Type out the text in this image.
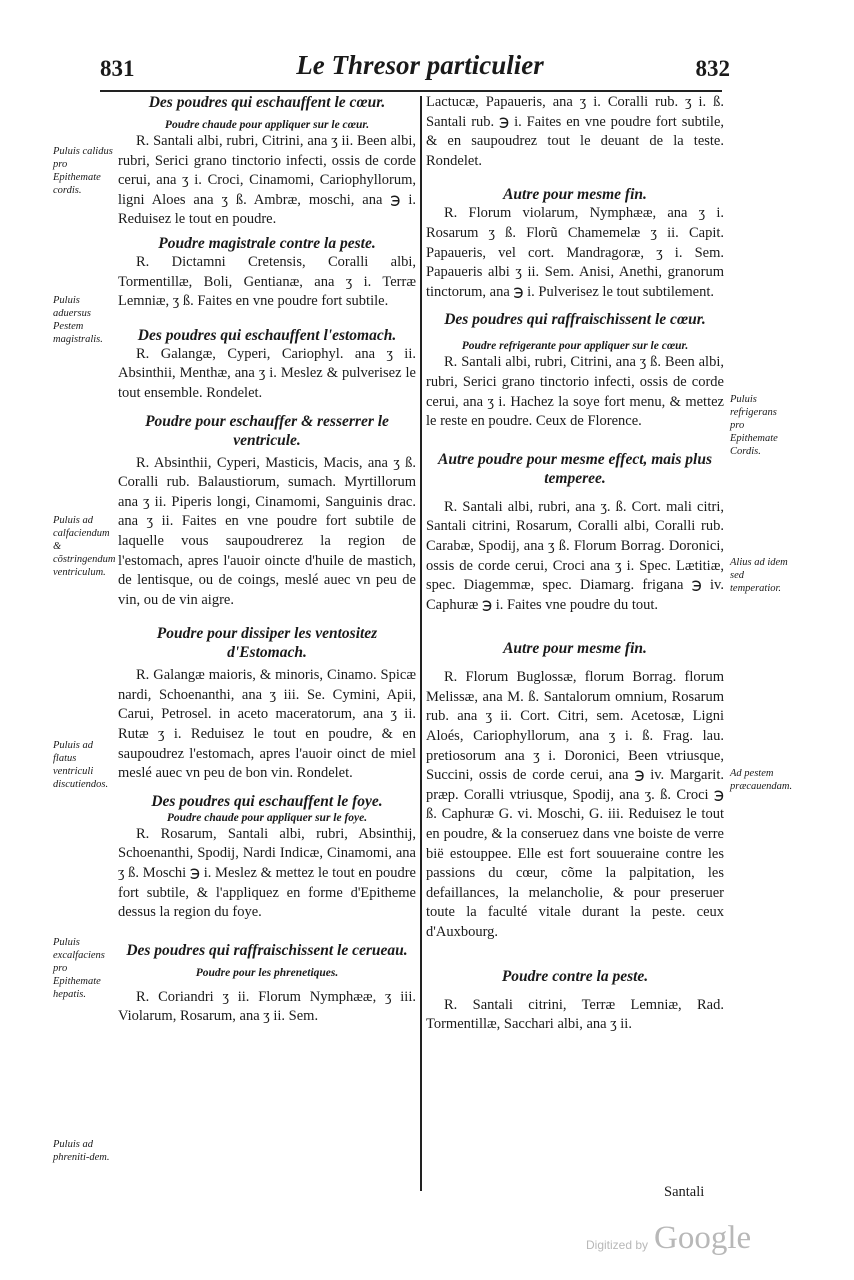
831	Le Thresor particulier	832

Des poudres qui eschauffent le cœur.

Poudre chaude pour appliquer sur le cœur.

R. Santali albi, rubri, Citrini, ana ʒ ii. Been albi, rubri, Serici grano tinctorio infecti, ossis de corde cerui, ana ʒ i. Croci, Cinamomi, Cariophyllorum, ligni Aloes ana ʒ ß. Ambræ, moschi, ana ℈ i. Reduisez le tout en poudre.

Poudre magistrale contre la peste.

R. Dictamni Cretensis, Coralli albi, Tormentillæ, Boli, Gentianæ, ana ʒ i. Terræ Lemniæ, ʒ ß. Faites en vne poudre fort subtile.

Des poudres qui eschauffent l'estomach.

R. Galangæ, Cyperi, Cariophyl. ana ʒ ii. Absinthii, Menthæ, ana ʒ i. Meslez & pulverisez le tout ensemble. Rondelet.

Poudre pour eschauffer & resserrer le ventricule.

R. Absinthii, Cyperi, Masticis, Macis, ana ʒ ß. Coralli rub. Balaustiorum, sumach. Myrtillorum ana ʒ ii. Piperis longi, Cinamomi, Sanguinis drac. ana ʒ ii. Faites en vne poudre fort subtile de laquelle vous saupoudrerez la region de l'estomach, apres l'auoir oincte d'huile de mastich, de lentisque, ou de coings, meslé auec vn peu de vin, ou de vin aigre.

Poudre pour dissiper les ventositez d'Estomach.

R. Galangæ maioris, & minoris, Cinamo. Spicæ nardi, Schoenanthi, ana ʒ iii. Se. Cymini, Apii, Carui, Petrosel. in aceto maceratorum, ana ʒ ii. Rutæ ʒ i. Reduisez le tout en poudre, & en saupoudrez l'estomach, apres l'auoir oinct de miel meslé auec vn peu de bon vin. Rondelet.

Des poudres qui eschauffent le foye.

Poudre chaude pour appliquer sur le foye.

R. Rosarum, Santali albi, rubri, Absinthij, Schoenanthi, Spodij, Nardi Indicæ, Cinamomi, ana ʒ ß. Moschi ℈ i. Meslez & mettez le tout en poudre fort subtile, & l'appliquez en forme d'Epitheme dessus la region du foye.

Des poudres qui raffraischissent le cerueau.

Poudre pour les phrenetiques.

R. Coriandri ʒ ii. Florum Nymphææ, ʒ iii. Violarum, Rosarum, ana ʒ ii. Sem.

Lactucæ, Papaueris, ana ʒ i. Coralli rub. ʒ i. ß. Santali rub. ℈ i. Faites en vne poudre fort subtile, & en saupoudrez tout le deuant de la teste. Rondelet.

Autre pour mesme fin.

R. Florum violarum, Nymphææ, ana ʒ i. Rosarum ʒ ß. Florũ Chamemelæ ʒ ii. Capit. Papaueris, vel cort. Mandragoræ, ʒ i. Sem. Papaueris albi ʒ ii. Sem. Anisi, Anethi, granorum tinctorum, ana ℈ i. Pulverisez le tout subtilement.

Des poudres qui raffraischissent le cœur.

Poudre refrigerante pour appliquer sur le cœur.

R. Santali albi, rubri, Citrini, ana ʒ ß. Been albi, rubri, Serici grano tinctorio infecti, ossis de corde cerui, ana ʒ i. Hachez la soye fort menu, & mettez le reste en poudre. Ceux de Florence.

Autre poudre pour mesme effect, mais plus temperee.

R. Santali albi, rubri, ana ʒ. ß. Cort. mali citri, Santali citrini, Rosarum, Coralli albi, Coralli rub. Carabæ, Spodij, ana ʒ ß. Florum Borrag. Doronici, ossis de corde cerui, Croci ana ʒ i. Spec. Lætitiæ, spec. Diagemmæ, spec. Diamarg. frigana ℈ iv. Caphuræ ℈ i. Faites vne poudre du tout.

Autre pour mesme fin.

R. Florum Buglossæ, florum Borrag. florum Melissæ, ana M. ß. Santalorum omnium, Rosarum rub. ana ʒ ii. Cort. Citri, sem. Acetosæ, Ligni Aloés, Cariophyllorum, ana ʒ i. ß. Frag. lau. pretiosorum ana ʒ i. Doronici, Been vtriusque, Succini, ossis de corde cerui, ana ℈ iv. Margarit. præp. Coralli vtriusque, Spodij, ana ʒ. ß. Croci ℈ ß. Caphuræ G. vi. Moschi, G. iii. Reduisez le tout en poudre, & la conseruez dans vne boiste de verre bië estouppee. Elle est fort souueraine contre les passions du cœur, cõme la palpitation, les defaillances, la melancholie, & pour preseruer toute la faculté vitale durant la peste. ceux d'Auxbourg.

Poudre contre la peste.

R. Santali citrini, Terræ Lemniæ, Rad. Tormentillæ, Sacchari albi, ana ʒ ii.

Santali
Puluis calidus pro Epithemate cordis.
Puluis aduersus Pestem magistralis.
Puluis ad calfaciendum & cõstringendum ventriculum.
Puluis ad flatus ventriculi discutiendos.
Puluis excalfaciens pro Epithemate hepatis.
Puluis ad phreniti-dem.
Puluis refrigerans pro Epithemate Cordis.
Alius ad idem sed temperatior.
Ad pestem præcauendam.
Digitized by Google
